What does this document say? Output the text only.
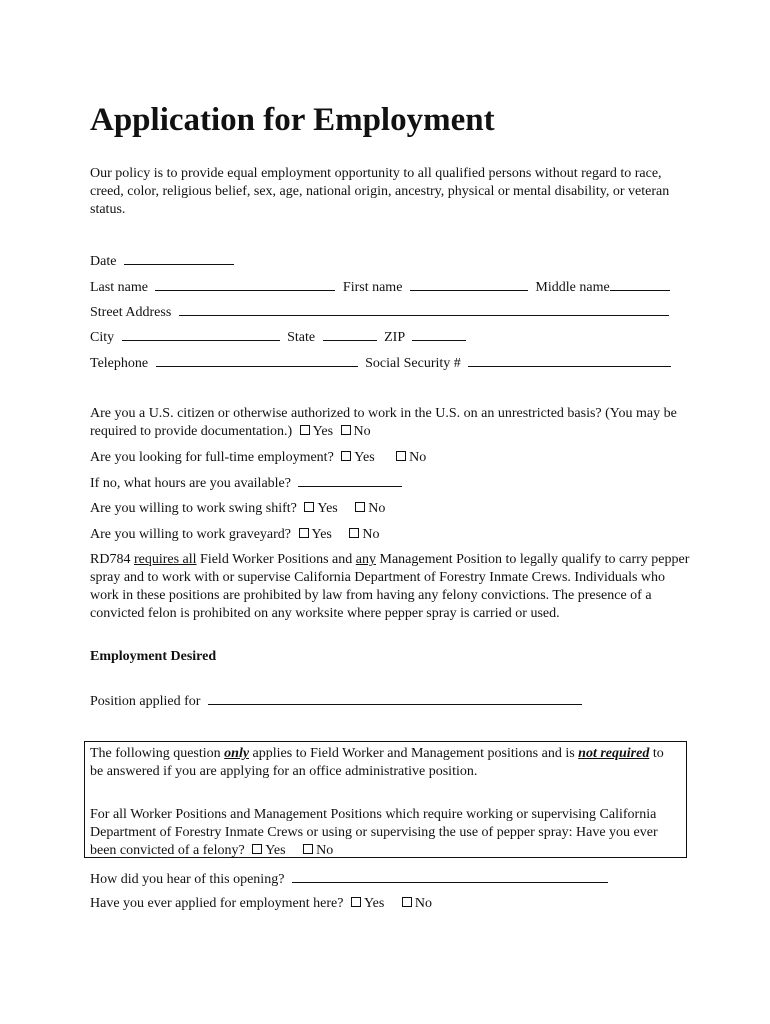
Application for Employment
Our policy is to provide equal employment opportunity to all qualified persons without regard to race, creed, color, religious belief, sex, age, national origin, ancestry, physical or mental disability, or veteran status.
Date
Last name	First name	Middle name
Street Address
City	State	ZIP
Telephone	Social Security #
Are you a U.S. citizen or otherwise authorized to work in the U.S. on an unrestricted basis? (You may be required to provide documentation.) Yes No
Are you looking for full-time employment? Yes No
If no, what hours are you available?
Are you willing to work swing shift? Yes No
Are you willing to work graveyard? Yes No
RD784 requires all Field Worker Positions and any Management Position to legally qualify to carry pepper spray and to work with or supervise California Department of Forestry Inmate Crews. Individuals who work in these positions are prohibited by law from having any felony convictions. The presence of a convicted felon is prohibited on any worksite where pepper spray is carried or used.
Employment Desired
Position applied for
The following question only applies to Field Worker and Management positions and is not required to be answered if you are applying for an office administrative position.
For all Worker Positions and Management Positions which require working or supervising California Department of Forestry Inmate Crews or using or supervising the use of pepper spray: Have you ever been convicted of a felony? Yes No
How did you hear of this opening?
Have you ever applied for employment here? Yes No
